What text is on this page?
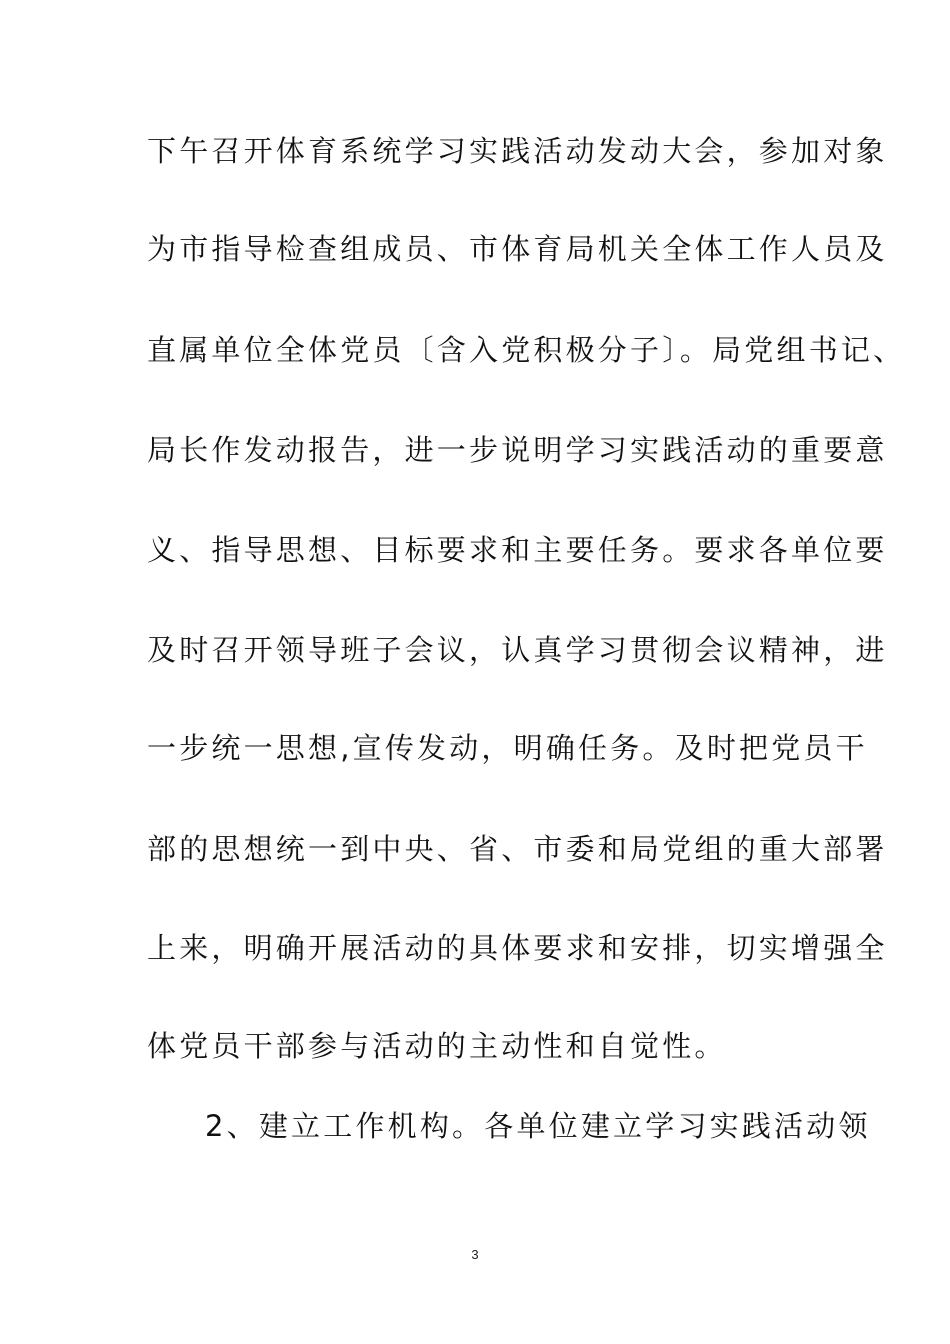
下午召开体育系统学习实践活动发动大会，参加对象
为市指导检查组成员、市体育局机关全体工作人员及
直属单位全体党员〔含入党积极分子〕。局党组书记、
局长作发动报告，进一步说明学习实践活动的重要意
义、指导思想、目标要求和主要任务。要求各单位要
及时召开领导班子会议，认真学习贯彻会议精神，进
一步统一思想,宣传发动，明确任务。及时把党员干
部的思想统一到中央、省、市委和局党组的重大部署
上来，明确开展活动的具体要求和安排，切实增强全
体党员干部参与活动的主动性和自觉性。
2、建立工作机构。各单位建立学习实践活动领
3
